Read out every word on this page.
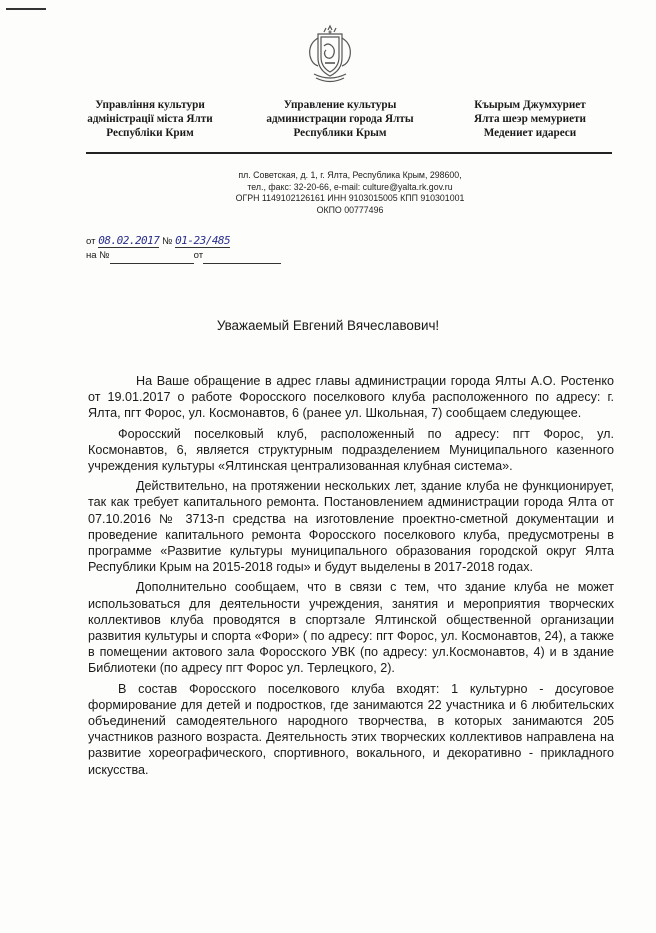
Управління культури
адміністрації міста Ялти
Республіки Крим
Управление культуры
администрации города Ялты
Республики Крым
Къырым Джумхуриет
Ялта шеэр мемуриети
Медениет идареси
пл. Советская, д. 1, г. Ялта, Республика Крым, 298600,
тел., факс: 32-20-66, e-mail: culture@yalta.rk.gov.ru
ОГРН 1149102126161 ИНН 9103015005 КПП 910301001
ОКПО 00777496
от 08.02.2017 № 01-23/485
на №	от
Уважаемый Евгений Вячеславович!

На Ваше обращение в адрес главы администрации города Ялты А.О. Ростенко от 19.01.2017 о работе Форосского поселкового клуба расположенного по адресу: г. Ялта, пгт Форос, ул. Космонавтов, 6 (ранее ул. Школьная, 7) сообщаем следующее.

Форосский поселковый клуб, расположенный по адресу: пгт Форос, ул. Космонавтов, 6, является структурным подразделением Муниципального казенного учреждения культуры «Ялтинская централизованная клубная система».

Действительно, на протяжении нескольких лет, здание клуба не функционирует, так как требует капитального ремонта. Постановлением администрации города Ялта от 07.10.2016 № 3713-п средства на изготовление проектно-сметной документации и проведение капитального ремонта Форосского поселкового клуба, предусмотрены в программе «Развитие культуры муниципального образования городской округ Ялта Республики Крым на 2015-2018 годы» и будут выделены в 2017-2018 годах.

Дополнительно сообщаем, что в связи с тем, что здание клуба не может использоваться для деятельности учреждения, занятия и мероприятия творческих коллективов клуба проводятся в спортзале Ялтинской общественной организации развития культуры и спорта «Фори» ( по адресу: пгт Форос, ул. Космонавтов, 24), а также в помещении актового зала Форосского УВК (по адресу: ул.Космонавтов, 4) и в здание Библиотеки (по адресу пгт Форос ул. Терлецкого, 2).

В состав Форосского поселкового клуба входят: 1 культурно - досуговое формирование для детей и подростков, где занимаются 22 участника и 6 любительских объединений самодеятельного народного творчества, в которых занимаются 205 участников разного возраста. Деятельность этих творческих коллективов направлена на развитие хореографического, спортивного, вокального, и декоративно - прикладного искусства.
